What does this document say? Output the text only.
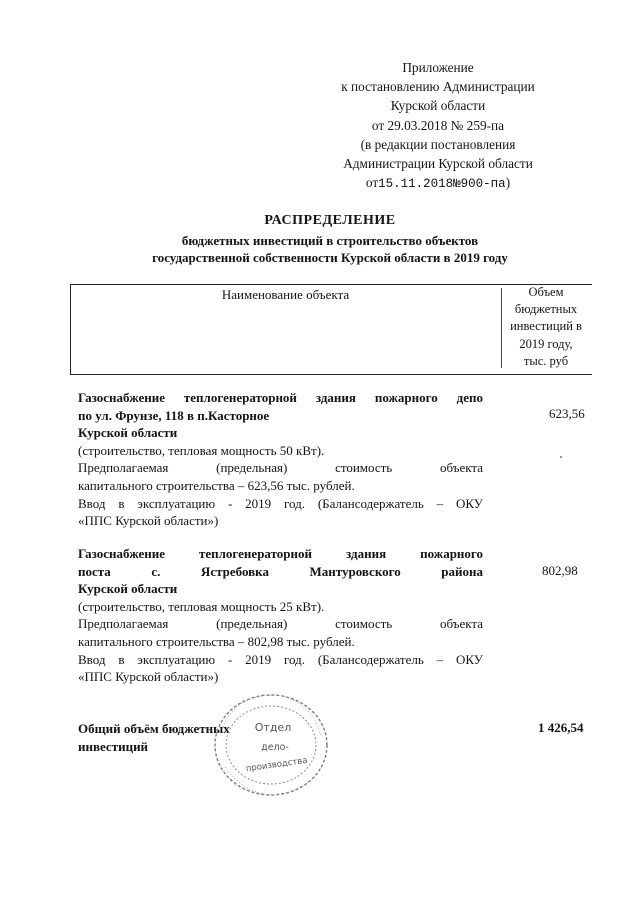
Приложение
к постановлению Администрации
Курской области
от 29.03.2018 № 259-па
(в редакции постановления
Администрации Курской области
от15.11.2018№900-па)
РАСПРЕДЕЛЕНИЕ
бюджетных инвестиций в строительство объектов
государственной собственности Курской области в 2019 году
Наименование объекта	Объем
бюджетных
инвестиций в
2019 году,
тыс. руб

Газоснабжение теплогенераторной здания пожарного депо

по ул. Фрунзе, 118 в п.Касторное

Курской области

(строительство, тепловая мощность 50 кВт).

Предполагаемая (предельная) стоимость объекта

капитального строительства – 623,56 тыс. рублей.

Ввод в эксплуатацию - 2019 год. (Балансодержатель – ОКУ

«ППС Курской области»)

623,56

Газоснабжение теплогенераторной здания пожарного

поста с. Ястребовка Мантуровского района

Курской области

(строительство, тепловая мощность 25 кВт).

Предполагаемая (предельная) стоимость объекта

капитального строительства – 802,98 тыс. рублей.

Ввод в эксплуатацию - 2019 год. (Балансодержатель – ОКУ

«ППС Курской области»)

802,98
Общий объём бюджетных
инвестиций
1 426,54
Отдел
дело-
производства
